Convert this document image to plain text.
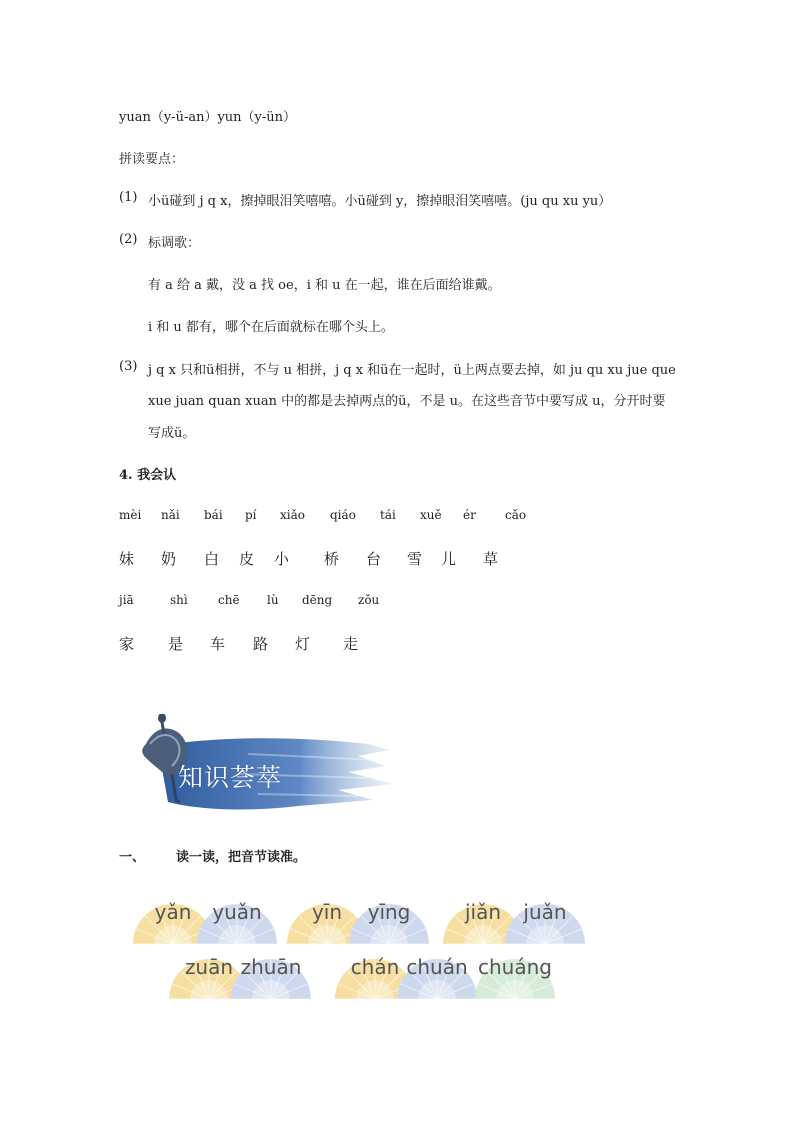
yuan（y-ü-an）yun（y-ün）
拼读要点：
(1) 小ü碰到 j q x，擦掉眼泪笑嘻嘻。小ü碰到 y，擦掉眼泪笑嘻嘻。(ju qu xu yu）
(2) 标调歌：
有 a 给 a 戴，没 a 找 oe，i 和 u 在一起，谁在后面给谁戴。
i 和 u 都有，哪个在后面就标在哪个头上。
(3) j q x 只和ü相拼，不与 u 相拼，j q x 和ü在一起时，ü上两点要去掉，如 ju qu xu jue que
xue juan quan xuan 中的都是去掉两点的ü，不是 u。在这些音节中要写成 u，分开时要
写成ü。
4. 我会认
mèi nǎi bái pí xiǎo qiáo tái xuě ér cǎo
妹 奶 白 皮 小 桥 台 雪 儿 草
jiā	shì	chē lù dēng zǒu
家 是 车 路 灯 走
知识荟萃
一、 读一读，把音节读准。
yǎn	yuǎn	yīn	yīng	jiǎn	juǎn
zuān zhuān	chán chuán chuáng
